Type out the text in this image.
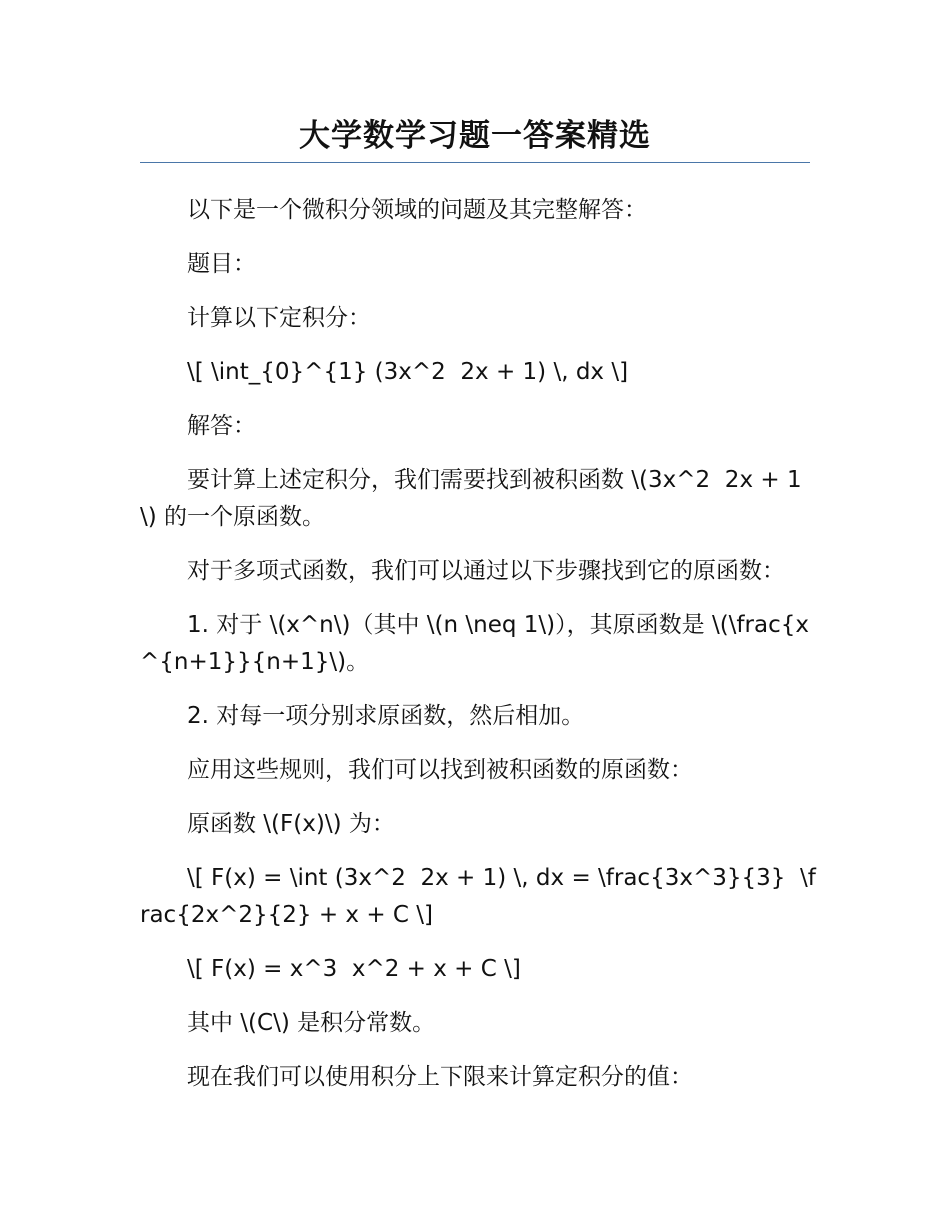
大学数学习题一答案精选

以下是一个微积分领域的问题及其完整解答：

题目：

计算以下定积分：

\[ \int_{0}^{1} (3x^2  2x + 1) \, dx \]

解答：

要计算上述定积分，我们需要找到被积函数 \(3x^2  2x + 1\) 的一个原函数。

对于多项式函数，我们可以通过以下步骤找到它的原函数：

1. 对于 \(x^n\)（其中 \(n \neq 1\)），其原函数是 \(\frac{x^{n+1}}{n+1}\)。

2. 对每一项分别求原函数，然后相加。

应用这些规则，我们可以找到被积函数的原函数：

原函数 \(F(x)\) 为：

\[ F(x) = \int (3x^2  2x + 1) \, dx = \frac{3x^3}{3}  \frac{2x^2}{2} + x + C \]

\[ F(x) = x^3  x^2 + x + C \]

其中 \(C\) 是积分常数。

现在我们可以使用积分上下限来计算定积分的值：
